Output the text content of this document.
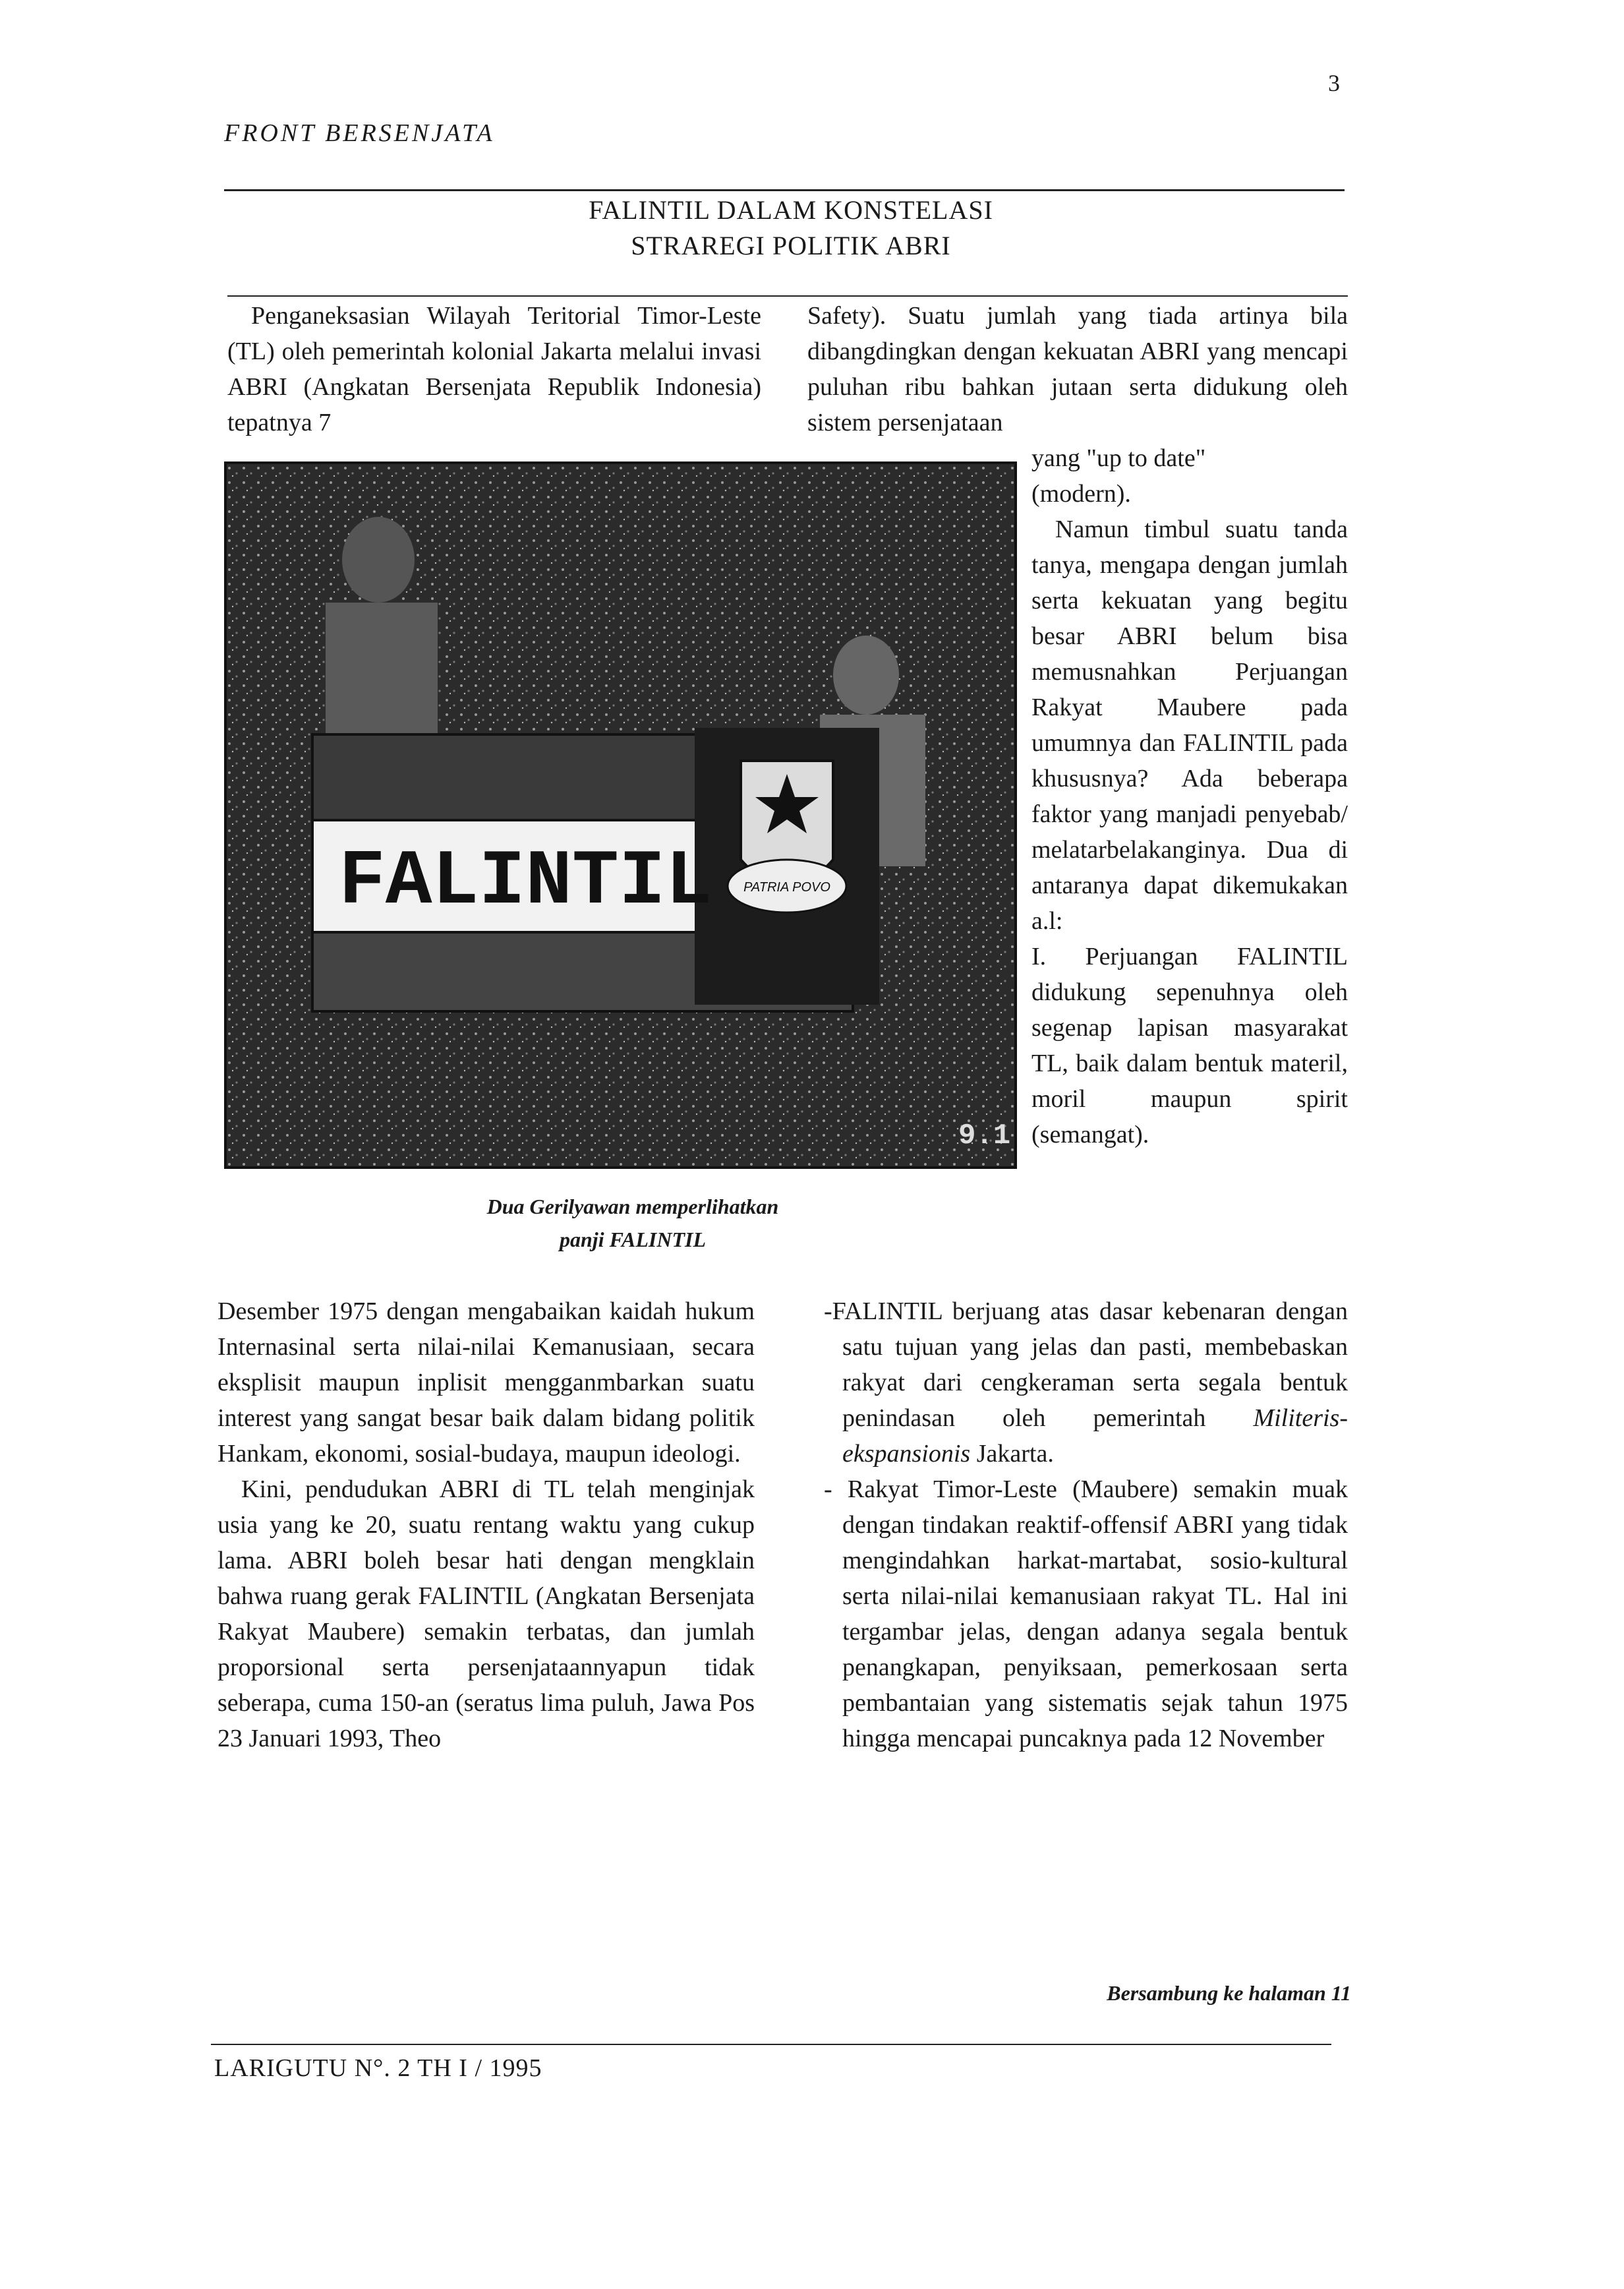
3
FRONT BERSENJATA
FALINTIL DALAM KONSTELASI
STRAREGI POLITIK ABRI
Penganeksasian Wilayah Teritorial Timor-Leste (TL) oleh pemerintah kolonial Jakarta melalui invasi ABRI (Angkatan Bersenjata Republik Indonesia) tepatnya 7
Safety). Suatu jumlah yang tiada artinya bila dibangdingkan dengan kekuatan ABRI yang mencapi puluhan ribu bahkan jutaan serta didukung oleh sistem persenjataan
FALINTIL PATRIA POVO
9.1

yang "up to date"

(modern).

Namun timbul suatu tanda tanya, mengapa dengan jumlah serta kekuatan yang begitu besar ABRI belum bisa memusnahkan Perjuangan Rakyat Maubere pada umumnya dan FALINTIL pada khususnya? Ada beberapa faktor yang manjadi penyebab/ melatarbelakanginya. Dua di antaranya dapat dikemukakan a.l:

I. Perjuangan FALINTIL didukung sepenuhnya oleh segenap lapisan masyarakat TL, baik dalam bentuk materil, moril maupun spirit (semangat).

Dua Gerilyawan memperlihatkan
panji FALINTIL

Desember 1975 dengan mengabaikan kaidah hukum Internasinal serta nilai-nilai Kemanusiaan, secara eksplisit maupun inplisit mengganmbarkan suatu interest yang sangat besar baik dalam bidang politik Hankam, ekonomi, sosial-budaya, maupun ideologi.

Kini, pendudukan ABRI di TL telah menginjak usia yang ke 20, suatu rentang waktu yang cukup lama. ABRI boleh besar hati dengan mengklain bahwa ruang gerak FALINTIL (Angkatan Bersenjata Rakyat Maubere) semakin terbatas, dan jumlah proporsional serta persenjataannyapun tidak seberapa, cuma 150-an (seratus lima puluh, Jawa Pos 23 Januari 1993, Theo

-FALINTIL berjuang atas dasar kebenaran dengan satu tujuan yang jelas dan pasti, membebaskan rakyat dari cengkeraman serta segala bentuk penindasan oleh pemerintah Militeris-ekspansionis Jakarta.
- Rakyat Timor-Leste (Maubere) semakin muak dengan tindakan reaktif-offensif ABRI yang tidak mengindahkan harkat-martabat, sosio-kultural serta nilai-nilai kemanusiaan rakyat TL. Hal ini tergambar jelas, dengan adanya segala bentuk penangkapan, penyiksaan, pemerkosaan serta pembantaian yang sistematis sejak tahun 1975 hingga mencapai puncaknya pada 12 November
Bersambung ke halaman 11
LARIGUTU N°. 2 TH I / 1995
